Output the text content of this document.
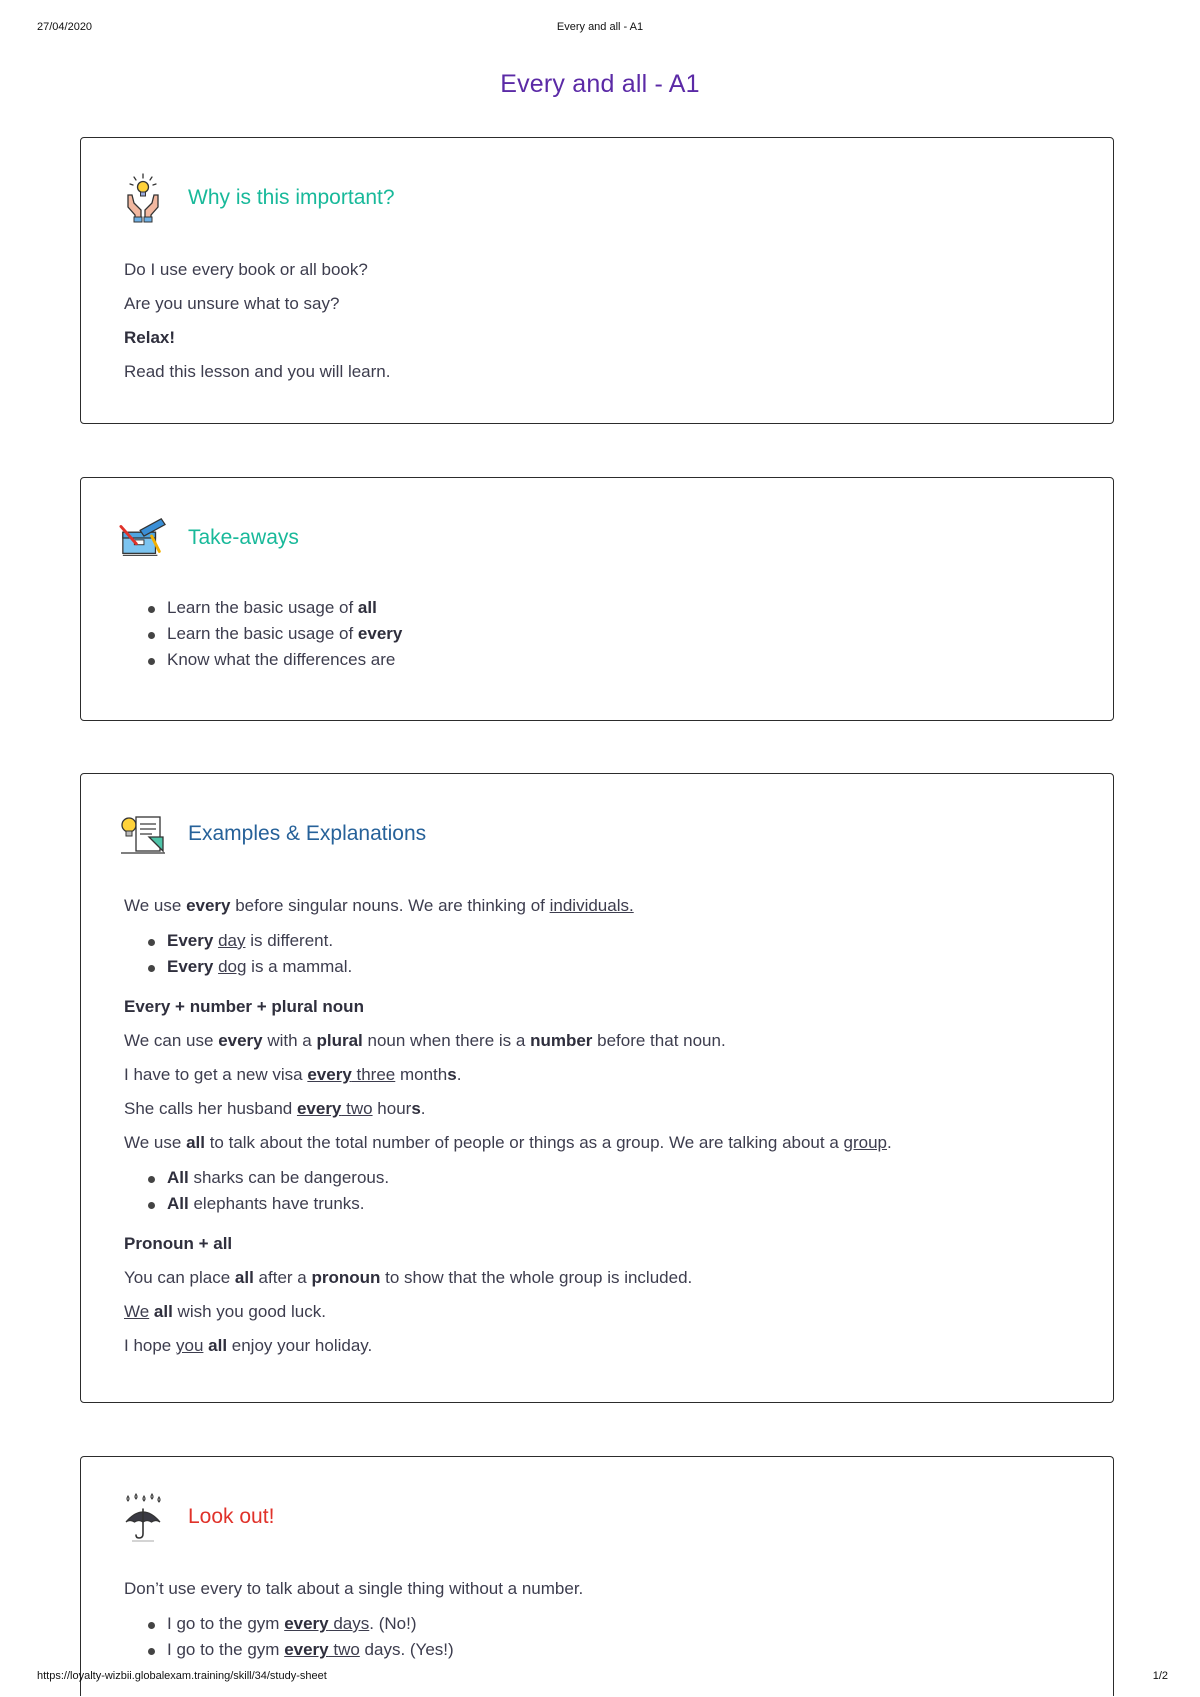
27/04/2020	Every and all - A1
Every and all - A1
Why is this important?

Do I use every book or all book?

Are you unsure what to say?

Relax!

Read this lesson and you will learn.

Take-aways
Learn the basic usage of all
Learn the basic usage of every
Know what the differences are
Examples & Explanations

We use every before singular nouns. We are thinking of individuals.

Every day is different.
Every dog is a mammal.

Every + number + plural noun

We can use every with a plural noun when there is a number before that noun.

I have to get a new visa every three months.

She calls her husband every two hours.

We use all to talk about the total number of people or things as a group. We are talking about a group.

All sharks can be dangerous.
All elephants have trunks.

Pronoun + all

You can place all after a pronoun to show that the whole group is included.

We all wish you good luck.

I hope you all enjoy your holiday.

Look out!

Don’t use every to talk about a single thing without a number.

I go to the gym every days. (No!)
I go to the gym every two days. (Yes!)
https://loyalty-wizbii.globalexam.training/skill/34/study-sheet	1/2
